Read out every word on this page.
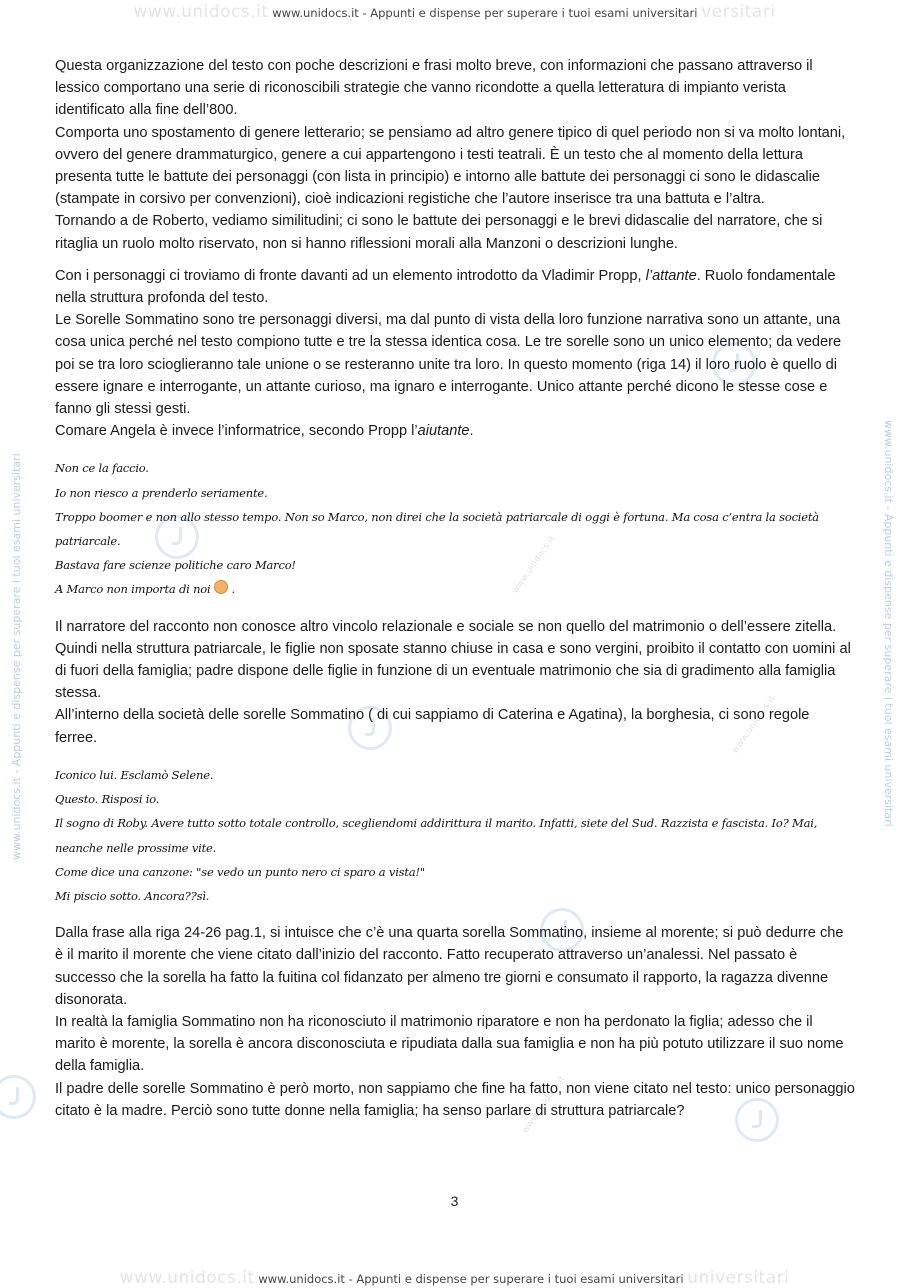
www.unidocs.it www.unidocs.it - Appunti e dispense per superare i tuoi esami universitari versitari
www.unidocs.it - Appunti e dispense per superare i tuoi esami universitari	www.unidocs.it - Appunti e dispense per superare i tuoi esami universitari
www.unidocs.it
www.unidocs.it
www.unidocs.it

Questa organizzazione del testo con poche descrizioni e frasi molto breve, con informazioni che passano attraverso il lessico comportano una serie di riconoscibili strategie che vanno ricondotte a quella letteratura di impianto verista identificato alla fine dell’800.

Comporta uno spostamento di genere letterario; se pensiamo ad altro genere tipico di quel periodo non si va molto lontani, ovvero del genere drammaturgico, genere a cui appartengono i testi teatrali. È un testo che al momento della lettura presenta tutte le battute dei personaggi (con lista in principio) e intorno alle battute dei personaggi ci sono le didascalie (stampate in corsivo per convenzioni), cioè indicazioni registiche che l’autore inserisce tra una battuta e l’altra.

Tornando a de Roberto, vediamo similitudini; ci sono le battute dei personaggi e le brevi didascalie del narratore, che si ritaglia un ruolo molto riservato, non si hanno riflessioni morali alla Manzoni o descrizioni lunghe.

Con i personaggi ci troviamo di fronte davanti ad un elemento introdotto da Vladimir Propp, l’attante. Ruolo fondamentale nella struttura profonda del testo.

Le Sorelle Sommatino sono tre personaggi diversi, ma dal punto di vista della loro funzione narrativa sono un attante, una cosa unica perché nel testo compiono tutte e tre la stessa identica cosa. Le tre sorelle sono un unico elemento; da vedere poi se tra loro scioglieranno tale unione o se resteranno unite tra loro. In questo momento (riga 14) il loro ruolo è quello di essere ignare e interrogante, un attante curioso, ma ignaro e interrogante. Unico attante perché dicono le stesse cose e fanno gli stessi gesti.

Comare Angela è invece l’informatrice, secondo Propp l’aiutante.

Non ce la faccio.

Io non riesco a prenderlo seriamente.

Troppo boomer e non allo stesso tempo. Non so Marco, non direi che la società patriarcale di oggi è fortuna. Ma cosa c’entra la società patriarcale.

Bastava fare scienze politiche caro Marco!

A Marco non importa di noi  .

Il narratore del racconto non conosce altro vincolo relazionale e sociale se non quello del matrimonio o dell’essere zitella. Quindi nella struttura patriarcale, le figlie non sposate stanno chiuse in casa e sono vergini, proibito il contatto con uomini al di fuori della famiglia; padre dispone delle figlie in funzione di un eventuale matrimonio che sia di gradimento alla famiglia stessa.

All’interno della società delle sorelle Sommatino ( di cui sappiamo di Caterina e Agatina), la borghesia, ci sono regole ferree.

Iconico lui. Esclamò Selene.

Questo. Risposi io.

Il sogno di Roby. Avere tutto sotto totale controllo, scegliendomi addirittura il marito. Infatti, siete del Sud. Razzista e fascista. Io? Mai, neanche nelle prossime vite.

Come dice una canzone: "se vedo un punto nero ci sparo a vista!"

Mi piscio sotto. Ancora??sì.

Dalla frase alla riga 24-26 pag.1, si intuisce che c’è una quarta sorella Sommatino, insieme al morente; si può dedurre che è il marito il morente che viene citato dall’inizio del racconto. Fatto recuperato attraverso un’analessi. Nel passato è successo che la sorella ha fatto la fuitina col fidanzato per almeno tre giorni e consumato il rapporto, la ragazza divenne disonorata.

In realtà la famiglia Sommatino non ha riconosciuto il matrimonio riparatore e non ha perdonato la figlia; adesso che il marito è morente, la sorella è ancora disconosciuta e ripudiata dalla sua famiglia e non ha più potuto utilizzare il suo nome della famiglia.

Il padre delle sorelle Sommatino è però morto, non sappiamo che fine ha fatto, non viene citato nel testo: unico personaggio citato è la madre. Perciò sono tutte donne nella famiglia; ha senso parlare di struttura patriarcale?

3
www.unidocs.it www.unidocs.it - Appunti e dispense per superare i tuoi esami universitari universitari
